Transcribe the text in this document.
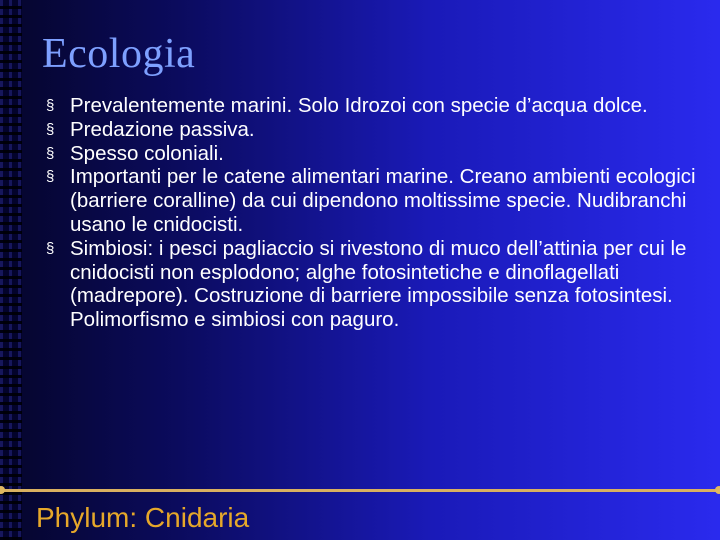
Ecologia
§ Prevalentemente marini. Solo Idrozoi con specie d’acqua dolce.
§ Predazione passiva.
§ Spesso coloniali.
§ Importanti per le catene alimentari marine. Creano ambienti ecologici (barriere coralline) da cui dipendono moltissime specie. Nudibranchi usano le cnidocisti.
§ Simbiosi: i pesci pagliaccio si rivestono di muco dell’attinia per cui le cnidocisti non esplodono; alghe fotosintetiche e dinoflagellati (madrepore). Costruzione di barriere impossibile senza fotosintesi. Polimorfismo e simbiosi con paguro.
Phylum: Cnidaria
